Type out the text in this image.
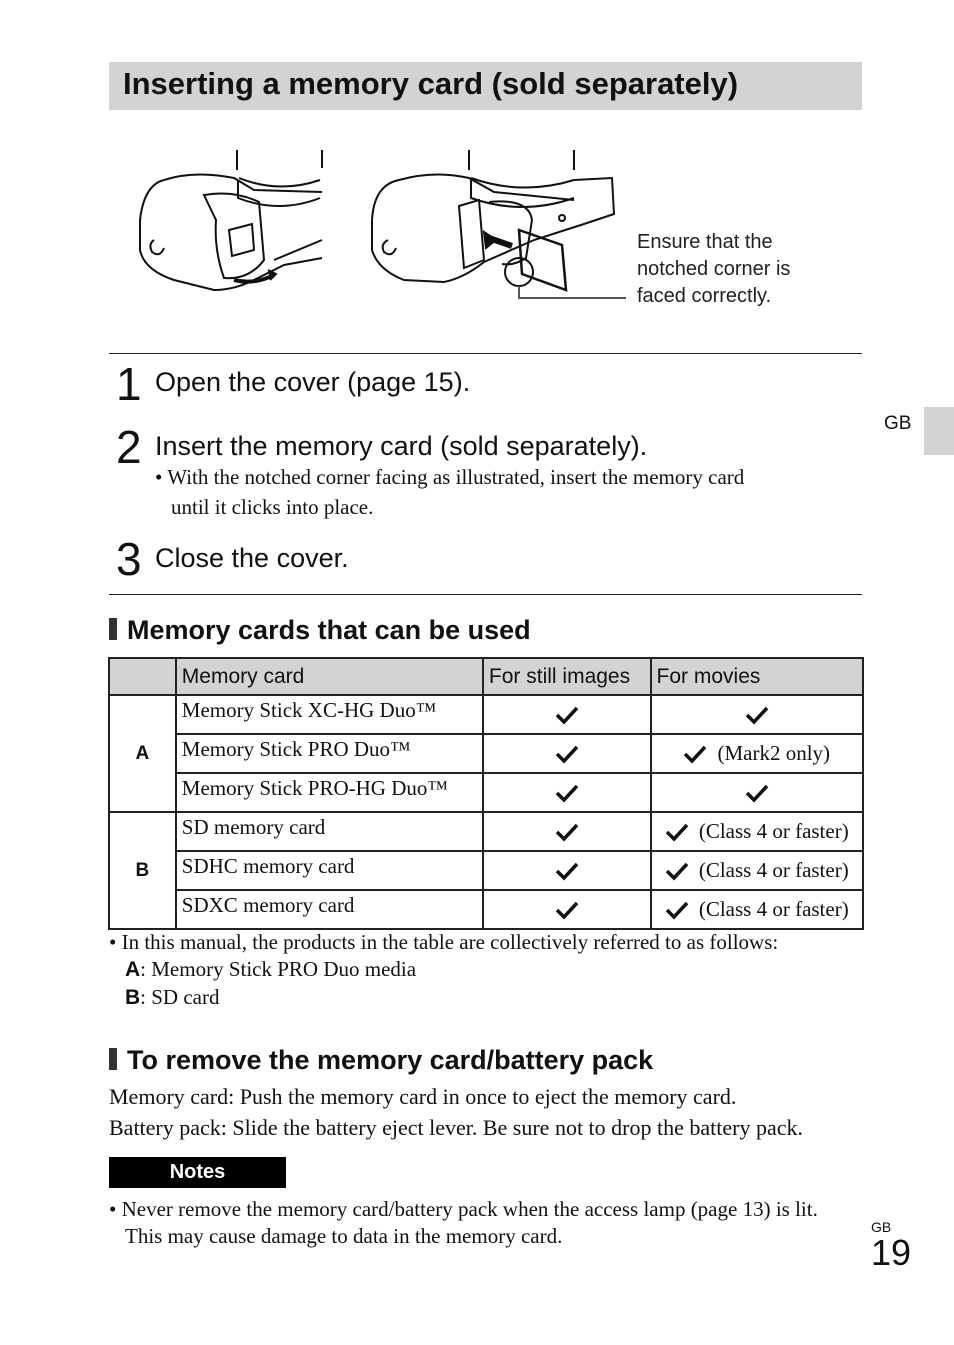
Inserting a memory card (sold separately)
Ensure that the
notched corner is
faced correctly.
1 Open the cover (page 15).
2 Insert the memory card (sold separately).
• With the notched corner facing as illustrated, insert the memory card
until it clicks into place.
3 Close the cover.
Memory cards that can be used
	Memory card	For still images	For movies
A	Memory Stick XC-HG Duo™		
	Memory Stick PRO Duo™		(Mark2 only)
	Memory Stick PRO-HG Duo™		
B	SD memory card		(Class 4 or faster)
	SDHC memory card		(Class 4 or faster)
	SDXC memory card		(Class 4 or faster)
• In this manual, the products in the table are collectively referred to as follows:
A: Memory Stick PRO Duo media
B: SD card
To remove the memory card/battery pack
Memory card: Push the memory card in once to eject the memory card.
Battery pack: Slide the battery eject lever. Be sure not to drop the battery pack.
Notes
• Never remove the memory card/battery pack when the access lamp (page 13) is lit.
This may cause damage to data in the memory card.
GB
GB
19
